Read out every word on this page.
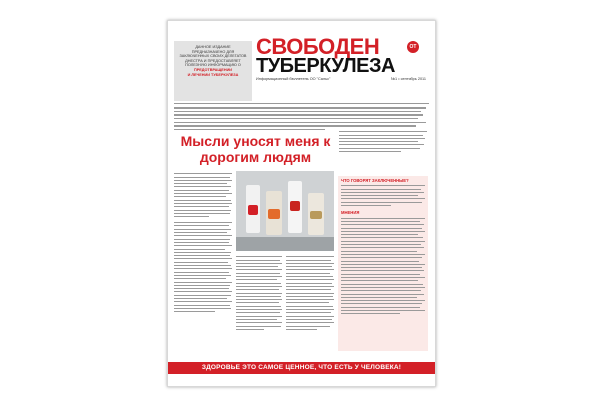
ДАННОЕ ИЗДАНИЕ
ПРЕДНАЗНАЧЕНО ДЛЯ
ЗАКЛЮЧЕННЫХ СВОИХ ДЕЛЕГАТОВ
ДНЕСТРА И ПРЕДОСТАВЛЯЕТ
ПОЛЕЗНУЮ ИНФОРМАЦИЮ О
ПРЕДОТВРАЩЕНИИ
И ЛЕЧЕНИИ ТУБЕРКУЛЕЗА
СВОБОДЕН	ОТ
ТУБЕРКУЛЕЗА
Информационный бюллетень ОО "Сальс"	№1 • сентябрь 2011
Мысли уносят меня к дорогим людям
ЧТО ГОВОРЯТ ЗАКЛЮЧЕННЫЕ?
МНЕНИЯ
ЗДОРОВЬЕ ЭТО САМОЕ ЦЕННОЕ, ЧТО ЕСТЬ У ЧЕЛОВЕКА!
